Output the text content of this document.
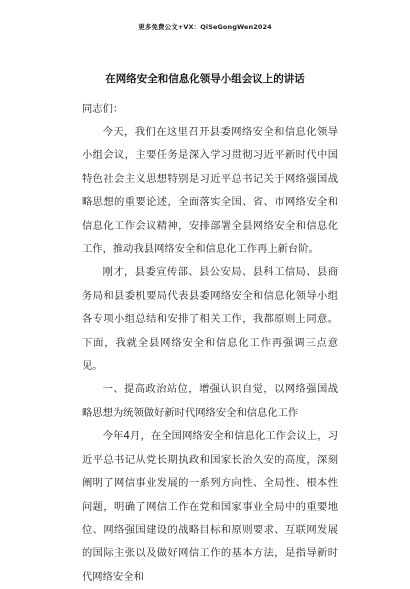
更多免费公文+VX：QiSeGongWen2024
在网络安全和信息化领导小组会议上的讲话

同志们：

今天，我们在这里召开县委网络安全和信息化领导小组会议，主要任务是深入学习贯彻习近平新时代中国特色社会主义思想特别是习近平总书记关于网络强国战略思想的重要论述，全面落实全国、省、市网络安全和信息化工作会议精神，安排部署全县网络安全和信息化工作，推动我县网络安全和信息化工作再上新台阶。

刚才，县委宣传部、县公安局、县科工信局、县商务局和县委机要局代表县委网络安全和信息化领导小组各专项小组总结和安排了相关工作，我都原则上同意。下面，我就全县网络安全和信息化工作再强调三点意见。

一、提高政治站位，增强认识自觉，以网络强国战略思想为统领做好新时代网络安全和信息化工作

今年4月，在全国网络安全和信息化工作会议上，习近平总书记从党长期执政和国家长治久安的高度，深刻阐明了网信事业发展的一系列方向性、全局性、根本性问题，明确了网信工作在党和国家事业全局中的重要地位、网络强国建设的战略目标和原则要求、互联网发展的国际主张以及做好网信工作的基本方法，是指导新时代网络安全和
